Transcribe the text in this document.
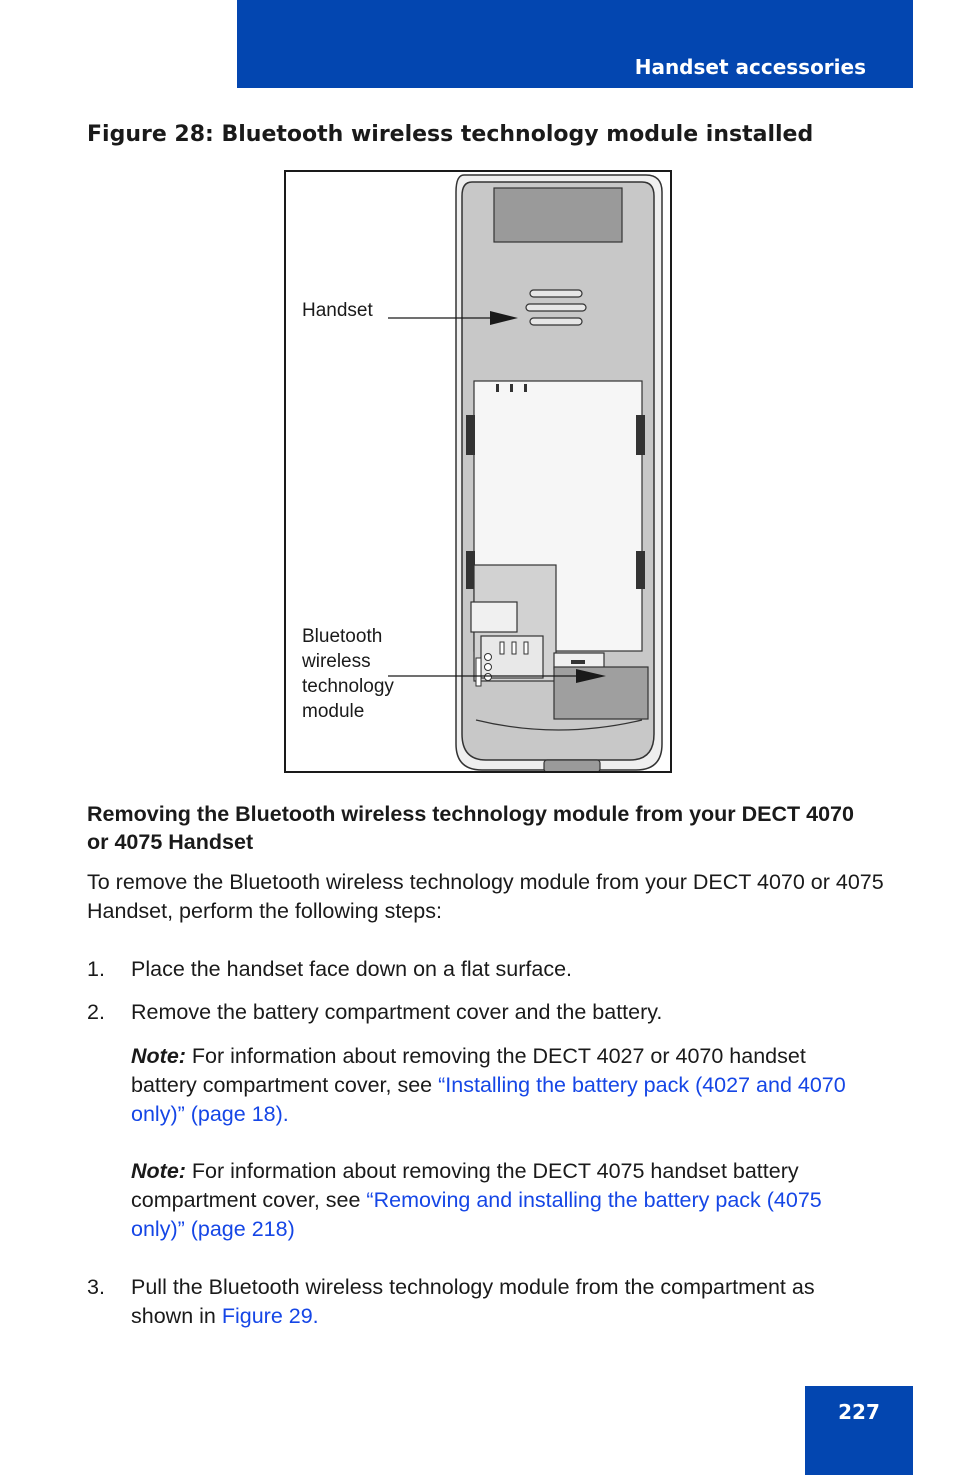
Handset accessories
Figure 28: Bluetooth wireless technology module installed
Handset
Bluetooth
wireless
technology
module
Removing the Bluetooth wireless technology module from your DECT 4070 or 4075 Handset
To remove the Bluetooth wireless technology module from your DECT 4070 or 4075 Handset, perform the following steps:
1. Place the handset face down on a flat surface.
2. Remove the battery compartment cover and the battery.
Note: For information about removing the DECT 4027 or 4070 handset battery compartment cover, see “Installing the battery pack (4027 and 4070 only)” (page 18).
Note: For information about removing the DECT 4075 handset battery compartment cover, see “Removing and installing the battery pack (4075 only)” (page 218)
3. Pull the Bluetooth wireless technology module from the compartment as shown in Figure 29.
227
